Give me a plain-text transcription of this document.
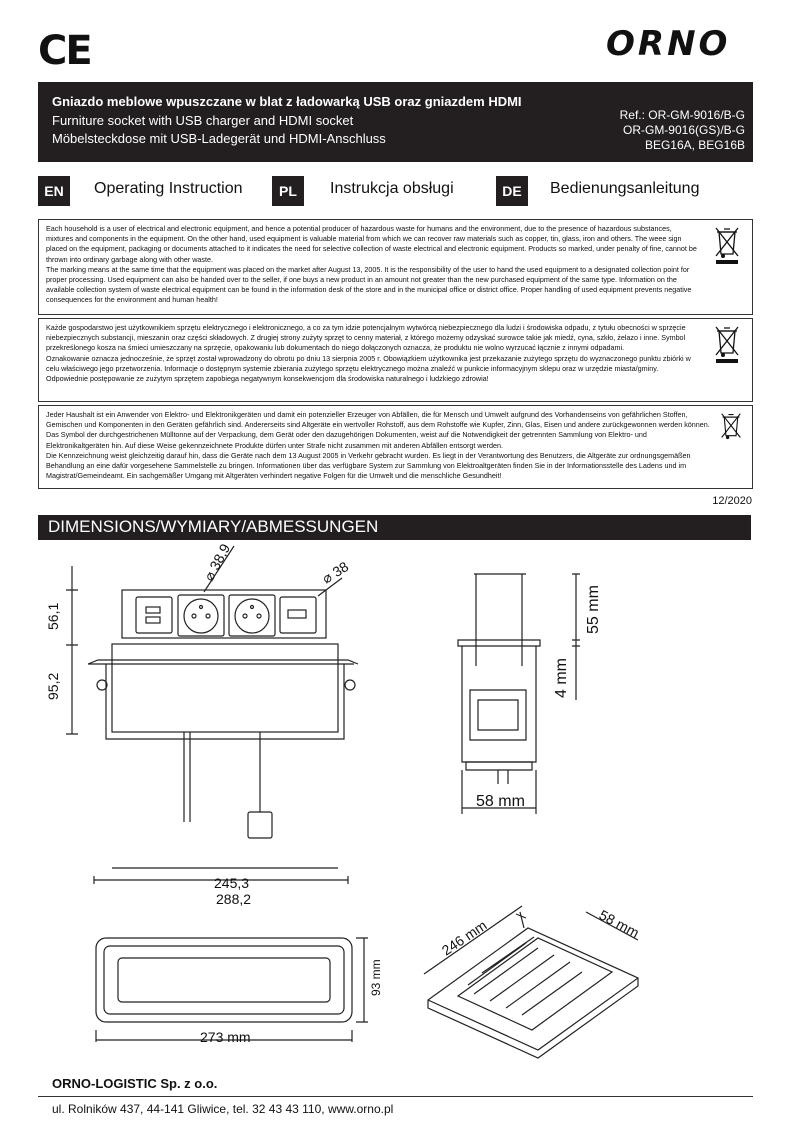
CE	ORNO
Gniazdo meblowe wpuszczane w blat z ładowarką USB oraz gniazdem HDMI
Furniture socket with USB charger and HDMI socket
Möbelsteckdose mit USB-Ladegerät und HDMI-Anschluss
Ref.: OR-GM-9016/B-G
OR-GM-9016(GS)/B-G
BEG16A, BEG16B
EN	Operating Instruction	PL	Instrukcja obsługi	DE	Bedienungsanleitung

Each household is a user of electrical and electronic equipment, and hence a potential producer of hazardous waste for humans and the environment, due to the presence of hazardous substances, mixtures and components in the equipment. On the other hand, used equipment is valuable material from which we can recover raw materials such as copper, tin, glass, iron and others. The weee sign placed on the equipment, packaging or documents attached to it indicates the need for selective collection of waste electrical and electronic equipment. Products so marked, under penalty of fine, cannot be thrown into ordinary garbage along with other waste.

The marking means at the same time that the equipment was placed on the market after August 13, 2005. It is the responsibility of the user to hand the used equipment to a designated collection point for proper processing. Used equipment can also be handed over to the seller, if one buys a new product in an amount not greater than the new purchased equipment of the same type. Information on the available collection system of waste electrical equipment can be found in the information desk of the store and in the municipal office or district office. Proper handling of used equipment prevents negative consequences for the environment and human health!

Każde gospodarstwo jest użytkownikiem sprzętu elektrycznego i elektronicznego, a co za tym idzie potencjalnym wytwórcą niebezpiecznego dla ludzi i środowiska odpadu, z tytułu obecności w sprzęcie niebezpiecznych substancji, mieszanin oraz części składowych. Z drugiej strony zużyty sprzęt to cenny materiał, z którego możemy odzyskać surowce takie jak miedź, cyna, szkło, żelazo i inne. Symbol przekreślonego kosza na śmieci umieszczany na sprzęcie, opakowaniu lub dokumentach do niego dołączonych oznacza, że produktu nie wolno wyrzucać łącznie z innymi odpadami.

Oznakowanie oznacza jednocześnie, że sprzęt został wprowadzony do obrotu po dniu 13 sierpnia 2005 r. Obowiązkiem użytkownika jest przekazanie zużytego sprzętu do wyznaczonego punktu zbiórki w celu właściwego jego przetworzenia. Informacje o dostępnym systemie zbierania zużytego sprzętu elektrycznego można znaleźć w punkcie informacyjnym sklepu oraz w urzędzie miasta/gminy. Odpowiednie postępowanie ze zużytym sprzętem zapobiega negatywnym konsekwencjom dla środowiska naturalnego i ludzkiego zdrowia!

Jeder Haushalt ist ein Anwender von Elektro- und Elektronikgeräten und damit ein potenzieller Erzeuger von Abfällen, die für Mensch und Umwelt aufgrund des Vorhandenseins von gefährlichen Stoffen, Gemischen und Komponenten in den Geräten gefährlich sind. Andererseits sind Altgeräte ein wertvoller Rohstoff, aus dem Rohstoffe wie Kupfer, Zinn, Glas, Eisen und andere zurückgewonnen werden können. Das Symbol der durchgestrichenen Mülltonne auf der Verpackung, dem Gerät oder den dazugehörigen Dokumenten, weist auf die Notwendigkeit der getrennten Sammlung von Elektro- und Elektronikaltgeräten hin. Auf diese Weise gekennzeichnete Produkte dürfen unter Strafe nicht zusammen mit anderen Abfällen entsorgt werden.

Die Kennzeichnung weist gleichzeitig darauf hin, dass die Geräte nach dem 13 August 2005 in Verkehr gebracht wurden. Es liegt in der Verantwortung des Benutzers, die Altgeräte zur ordnungsgemäßen Behandlung an eine dafür vorgesehene Sammelstelle zu bringen. Informationen über das verfügbare System zur Sammlung von Elektroaltgeräten finden Sie in der Informationsstelle des Ladens und im Magistrat/Gemeindeamt. Ein sachgemäßer Umgang mit Altgeräten verhindert negative Folgen für die Umwelt und die menschliche Gesundheit!

12/2020
DIMENSIONS/WYMIARY/ABMESSUNGEN
56,1
95,2
245,3
288,2
⌀ 38,9	⌀ 38
55 mm
4 mm
58 mm
273 mm
93 mm
246 mm	58 mm
ORNO-LOGISTIC Sp. z o.o.
ul. Rolników 437, 44-141 Gliwice, tel. 32 43 43 110, www.orno.pl
